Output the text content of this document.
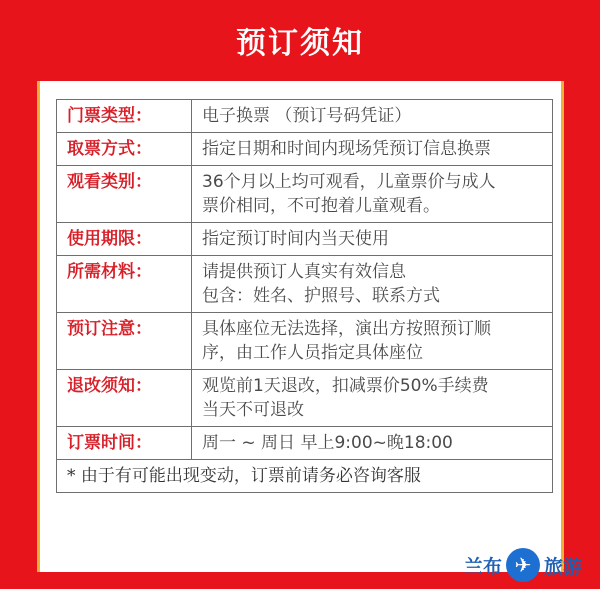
预订须知
门票类型：	电子换票 （预订号码凭证）

取票方式：	指定日期和时间内现场凭预订信息换票

观看类别：	36个月以上均可观看，儿童票价与成人
票价相同，不可抱着儿童观看。

使用期限：	指定预订时间内当天使用

所需材料：	请提供预订人真实有效信息
包含：姓名、护照号、联系方式

预订注意：	具体座位无法选择，演出方按照预订顺
序，由工作人员指定具体座位

退改须知：	观览前1天退改，扣减票价50%手续费
当天不可退改

订票时间：	周一 ~ 周日 早上9:00~晚18:00

* 由于有可能出现变动，订票前请务必咨询客服	
兰布 ✈ 旅游
